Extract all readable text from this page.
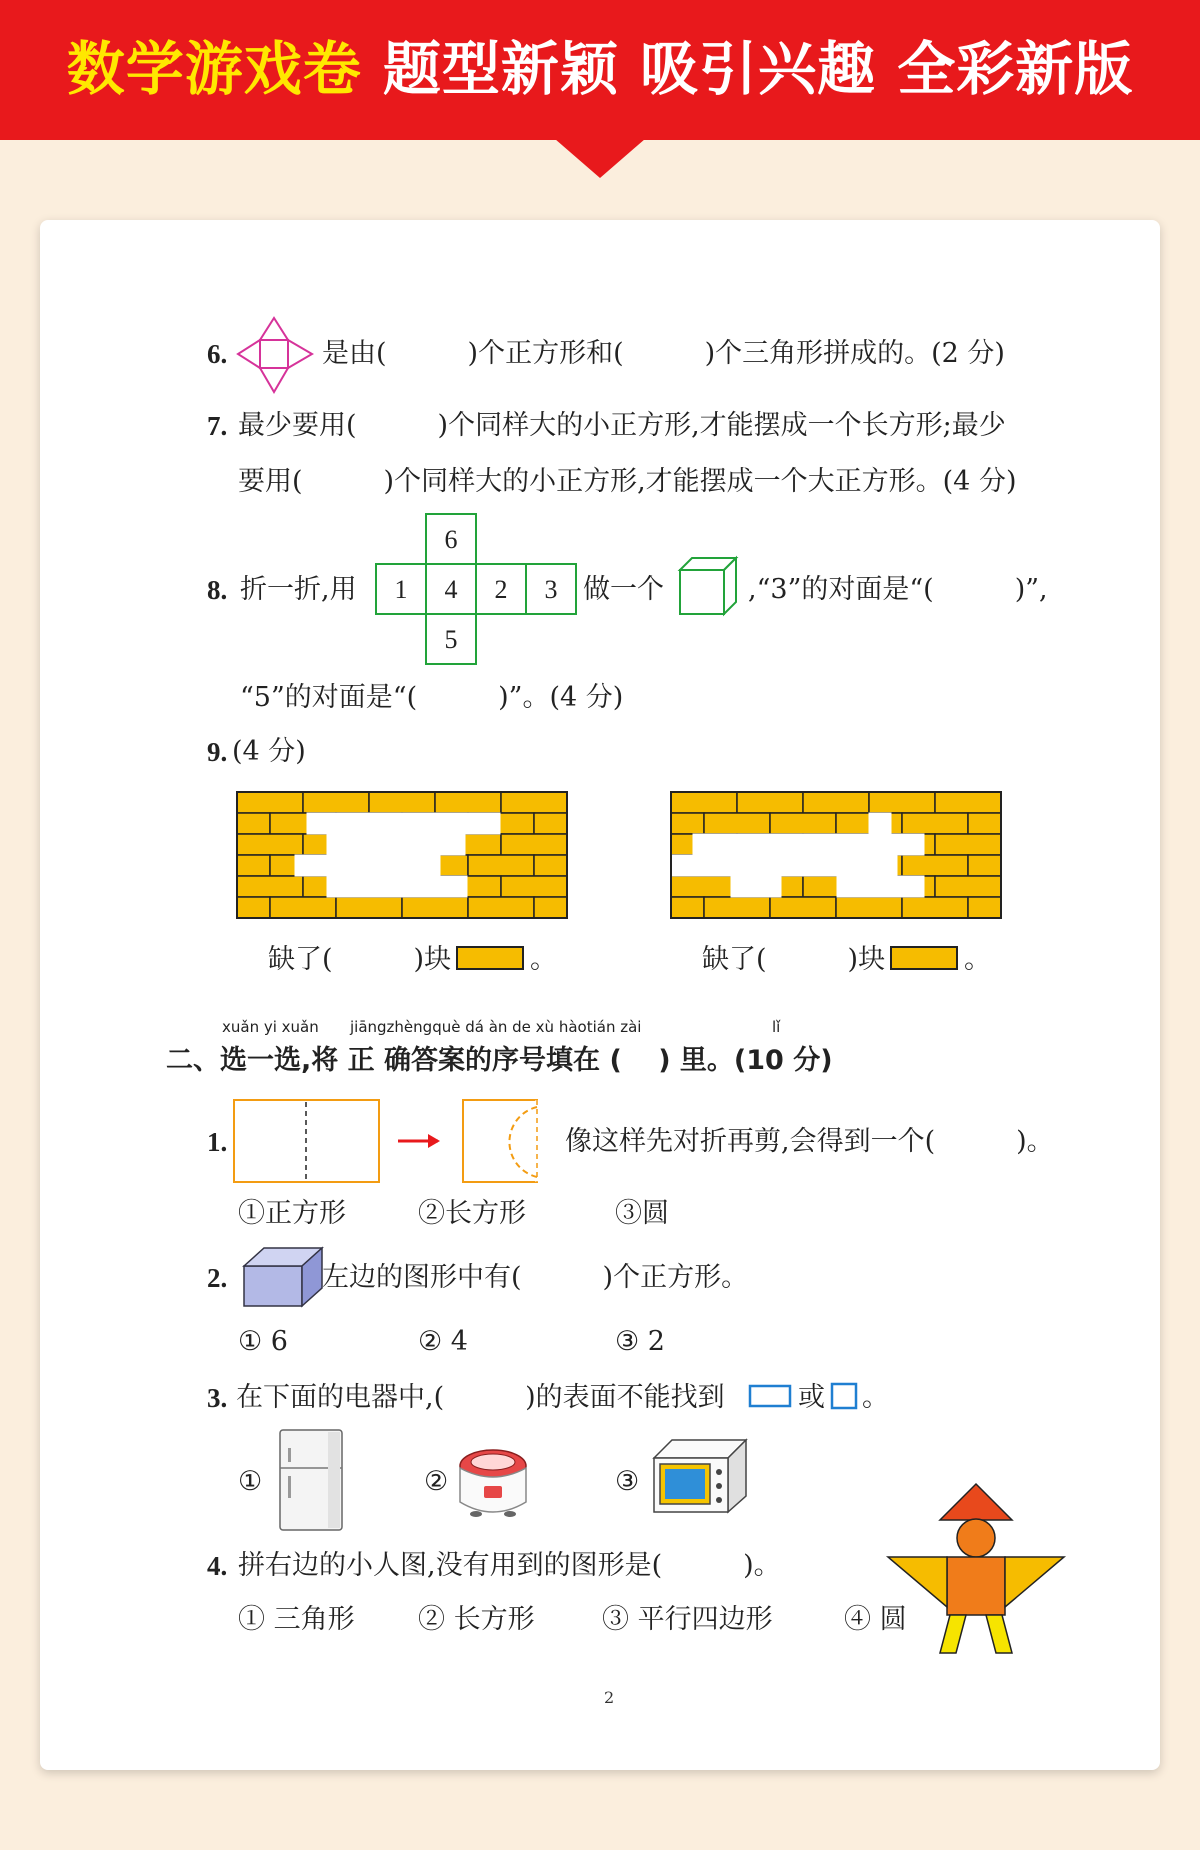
数学游戏卷 题型新颖 吸引兴趣 全彩新版
6.	是由(　　　)个正方形和(　　　)个三角形拼成的。(2 分)
7. 最少要用(　　　)个同样大的小正方形,才能摆成一个长方形;最少
要用(　　　)个同样大的小正方形,才能摆成一个大正方形。(4 分)
8. 折一折,用
6
1 4 2 3
5
做一个	,“3”的对面是“(　　　)”,
“5”的对面是“(　　　)”。(4 分)
9. (4 分)
缺了(　　　)块	。	缺了(　　　)块	。
xuǎn yi xuǎn jiāngzhèngquè dá àn de xù hàotián zài	lǐ
二、选一选,将 正 确答案的序号填在 (　 ) 里。(10 分)
1.	像这样先对折再剪,会得到一个(　　　)。
①正方形	②长方形	③圆
2.	左边的图形中有(　　　)个正方形。
① 6	② 4	③ 2
3. 在下面的电器中,(　　　)的表面不能找到	或 。
①	②	③
4. 拼右边的小人图,没有用到的图形是(　　　)。
① 三角形 ② 长方形 ③ 平行四边形	④ 圆
2
